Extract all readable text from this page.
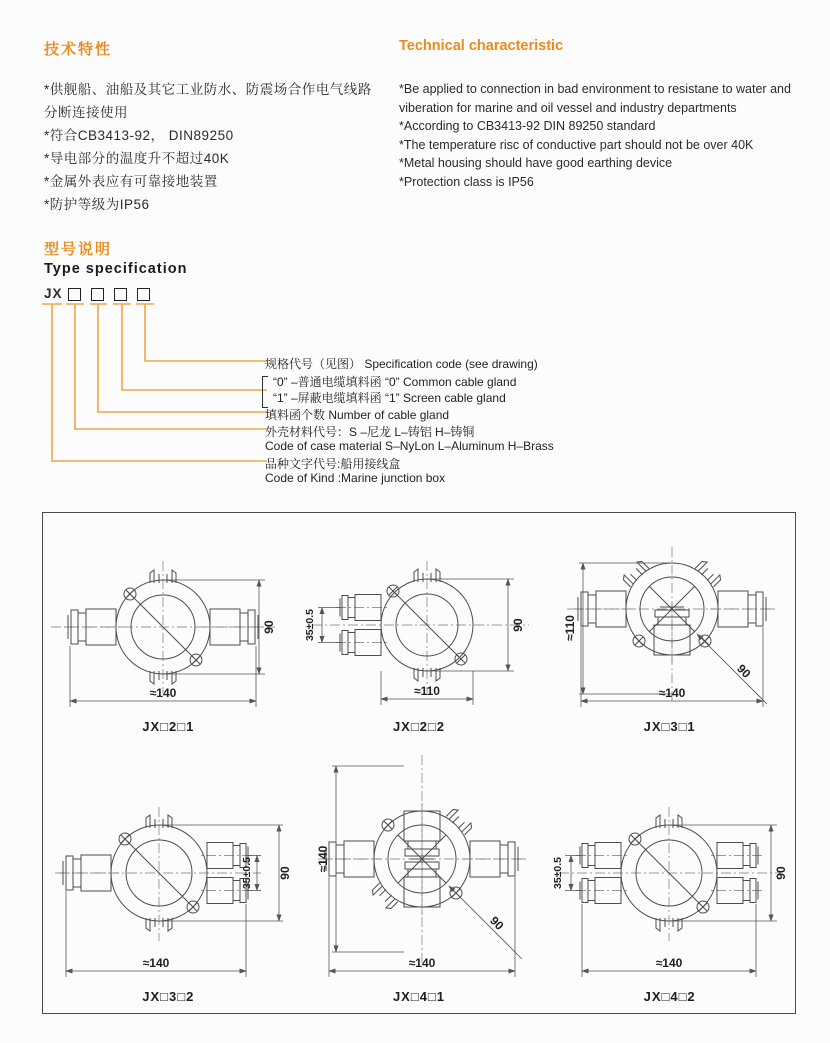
技术特性	Technical characteristic
*供舰船、油船及其它工业防水、防震场合作电气线路分断连接使用
*符合CB3413-92， DIN89250
*导电部分的温度升不超过40K
*金属外表应有可靠接地装置
*防护等级为IP56
*Be applied to connection in bad environment to resistane to water and viberation for marine and oil vessel and industry departments
*According to CB3413-92 DIN 89250 standard
*The temperature risc of conductive part should not be over 40K
*Metal housing should have good earthing device
*Protection class is IP56
型号说明
Type specification
JX
规格代号（见图） Specification code (see drawing)
“0” –普通电缆填料函 “0” Common cable gland
“1” –屏蔽电缆填料函 “1” Screen cable gland
填料函个数 Number of cable gland
外壳材料代号：S –尼龙 L–铸铝 H–铸铜
Code of case material S–NyLon L–Aluminum H–Brass
品种文字代号:船用接线盒
Code of Kind :Marine junction box
90
≈140
JX□2□1
35±0.5	90
≈110
JX□2□2
≈110
≈140
90
JX□3□1
35±0.5 90
≈140
JX□3□2
≈140
≈140
90
JX□4□1
35±0.5	90
≈140
JX□4□2
